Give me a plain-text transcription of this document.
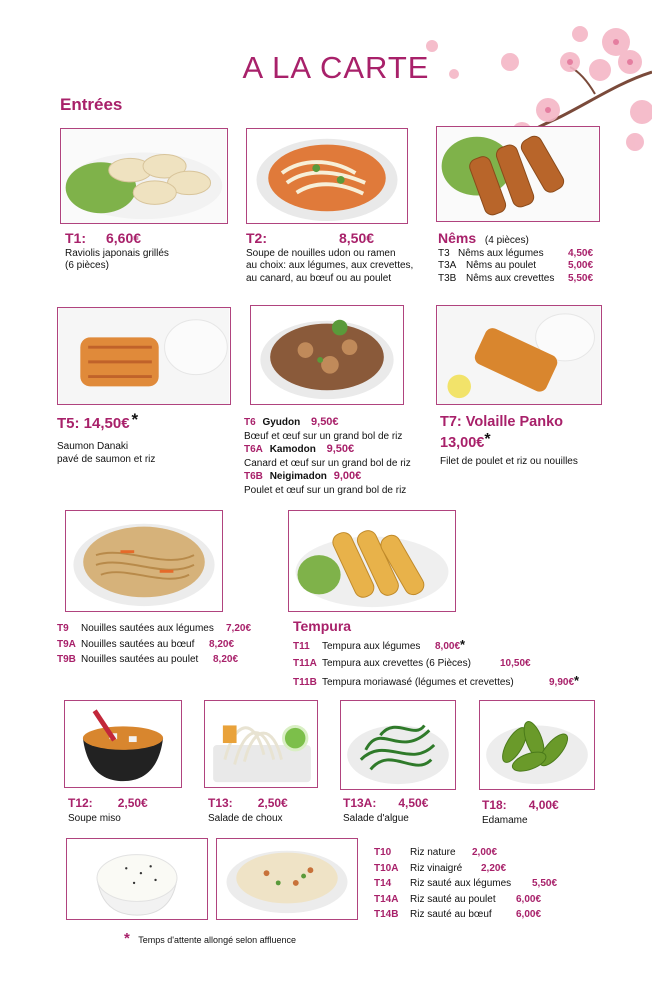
A LA CARTE
Entrées
T1: 6,60€
Raviolis japonais grillés
(6 pièces)
T2:	8,50€
Soupe de nouilles udon ou ramen
au choix: aux légumes, aux crevettes,
au canard, au bœuf ou au poulet
Nêms (4 pièces)
T3 Nêms aux légumes 4,50€
T3A Nêms au poulet	5,00€
T3B Nêms aux crevettes 5,50€
T5: 14,50€ *
Saumon Danaki
pavé de saumon et riz
T6 Gyudon 9,50€
Bœuf et œuf sur un grand bol de riz
T6A Kamodon 9,50€
Canard et œuf sur un grand bol de riz
T6B Neigimadon 9,00€
Poulet et œuf sur un grand bol de riz
T7: Volaille Panko
13,00€*
Filet de poulet et riz ou nouilles
T9 Nouilles sautées aux légumes 7,20€
T9A Nouilles sautées au bœuf 8,20€
T9B Nouilles sautées au poulet 8,20€
Tempura
T11 Tempura aux légumes 8,00€*
T11A Tempura aux crevettes (6 Pièces)	10,50€
T11B Tempura moriawasé (légumes et crevettes)	9,90€*
T12: 2,50€
Soupe miso
T13: 2,50€
Salade de choux
T13A: 4,50€
Salade d'algue
T18: 4,00€
Edamame
T10 Riz nature 2,00€
T10A Riz vinaigré 2,20€
T14 Riz sauté aux légumes 5,50€
T14A Riz sauté au poulet 6,00€
T14B Riz sauté au bœuf 6,00€
* Temps d'attente allongé selon affluence
